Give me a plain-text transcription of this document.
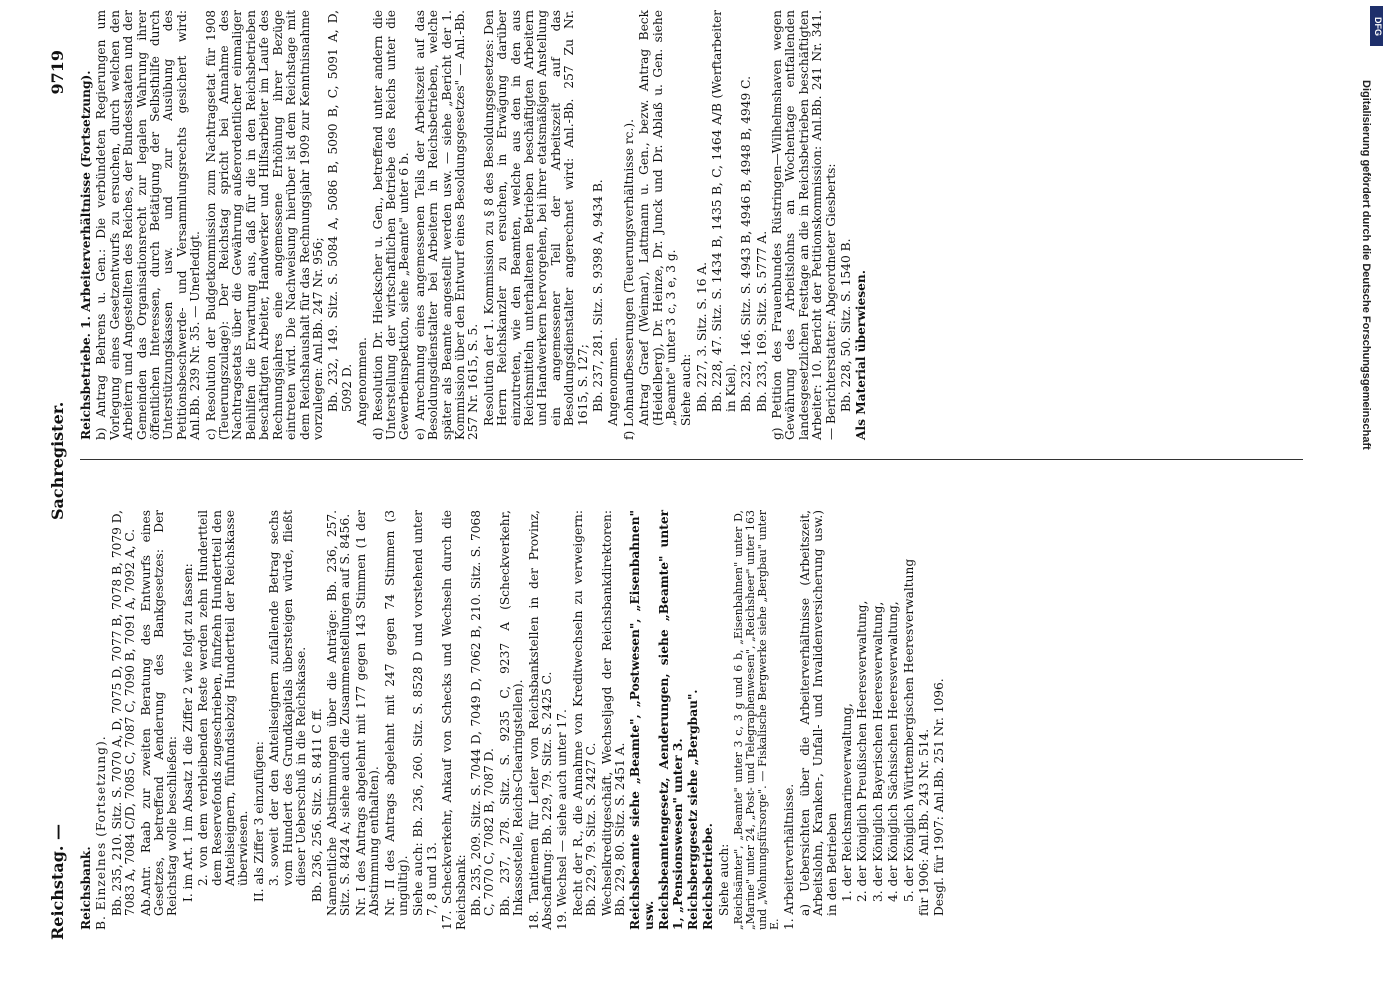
Reichstag. —
Sachregister.
9719

Reichsbank. B. Einzelnes (Fortsetzung). Bb. 235, 210. Sitz. S. 7070 A, D, 7075 D, 7077 B, 7078 B, 7079 D, 7083 A, 7084 C/D, 7085 C, 7087 C, 7090 B, 7091 A, 7092 A, C. Ab.Antr. Raab zur zweiten Beratung des Entwurfs eines Gesetzes, betreffend Aenderung des Bankgesetzes: Der Reichstag wolle beschließen: I. im Art. 1 im Absatz 1 die Ziffer 2 wie folgt zu fassen: 2. von dem verbleibenden Reste werden zehn Hundertteil dem Reservefonds zugeschrieben, fünfzehn Hundertteil den Anteilseignern, fünfundsiebzig Hundertteil der Reichskasse überwiesen. II. als Ziffer 3 einzufügen: 3. soweit der den Anteilseignern zufallende Betrag sechs vom Hundert des Grundkapitals übersteigen würde, fließt dieser Ueberschuß in die Reichskasse. Bb. 236, 256. Sitz. S. 8411 C ff. Namentliche Abstimmungen über die Anträge: Bb. 236, 257. Sitz. S. 8424 A; siehe auch die Zusammenstellungen auf S. 8456. Nr. I des Antrags abgelehnt mit 177 gegen 143 Stimmen (1 der Abstimmung enthalten). Nr. II des Antrags abgelehnt mit 247 gegen 74 Stimmen (3 ungültig). Siehe auch: Bb. 236, 260. Sitz. S. 8528 D und vorstehend unter 7, 8 und 13. 17. Scheckverkehr, Ankauf von Schecks und Wechseln durch die Reichsbank: Bb. 235, 209. Sitz. S. 7044 D, 7049 D, 7062 B, 210. Sitz. S. 7068 C, 7070 C, 7082 B, 7087 D. Bb. 237, 278. Sitz. S. 9235 C, 9237 A (Scheckverkehr, Inkassostelle, Reichs-Clearingstellen). 18. Tantiemen für Leiter von Reichsbankstellen in der Provinz, Abschaffung: Bb. 229, 79. Sitz. S. 2425 C. 19. Wechsel — siehe auch unter 17. Recht der R., die Annahme von Kreditwechseln zu verweigern: Bb. 229, 79. Sitz. S. 2427 C. Wechselkreditgeschäft, Wechseljagd der Reichsbankdirektoren: Bb. 229, 80. Sitz. S. 2451 A. Reichsbeamte siehe „Beamte", „Postwesen", „Eisenbahnen" usw. Reichsbeamtengesetz, Aenderungen, siehe „Beamte" unter 1, „Pensionswesen" unter 3. Reichsberggesetz siehe „Bergbau". Reichsbetriebe. Siehe auch: „Reichsämter", „Beamte" unter 3 c, 3 g und 6 b, „Eisenbahnen" unter D, „Marine" unter 24, „Post- und Telegraphenwesen", „Reichsheer" unter 163 und „Wohnungsfürsorge". — Fiskalische Bergwerke siehe „Bergbau" unter E. 1. Arbeiterverhältnisse. a) Uebersichten über die Arbeiterverhältnisse (Arbeitszeit, Arbeitslohn, Kranken-, Unfall- und Invalidenversicherung usw.) in den Betrieben 1. der Reichsmarineverwaltung, 2. der Königlich Preußischen Heeresverwaltung, 3. der Königlich Bayerischen Heeresverwaltung, 4. der Königlich Sächsischen Heeresverwaltung, 5. der Königlich Württembergischen Heeresverwaltung für 1906: Anl.Bb. 243 Nr. 514. Desgl. für 1907: Anl.Bb. 251 Nr. 1096.

Reichsbetriebe. 1. Arbeiterverhältnisse (Fortsetzung). b) Antrag Behrens u. Gen.: Die verbündeten Regierungen um Vorlegung eines Gesetzentwurfs zu ersuchen, durch welchen den Arbeitern und Angestellten des Reiches, der Bundesstaaten und der Gemeinden das Organisationsrecht zur legalen Wahrung ihrer öffentlichen Interessen, durch Betätigung der Selbsthilfe durch Unterstützungskassen usw. und zur Ausübung des Petitionsbeschwerde- und Versammlungsrechts gesichert wird: Anl.Bb. 239 Nr. 35. — Unerledigt. c) Resolution der Budgetkommission zum Nachtragsetat für 1908 (Teuerungszulage): Der Reichstag spricht bei Annahme des Nachtragsetats über die Gewährung außerordentlicher einmaliger Beihilfen die Erwartung aus, daß für die in den Reichsbetrieben beschäftigten Arbeiter, Handwerker und Hilfsarbeiter im Laufe des Rechnungsjahres eine angemessene Erhöhung ihrer Bezüge eintreten wird. Die Nachweisung hierüber ist dem Reichstage mit dem Reichshaushalt für das Rechnungsjahr 1909 zur Kenntnisnahme vorzulegen: Anl.Bb. 247 Nr. 956; Bb. 232, 149. Sitz. S. 5084 A, 5086 B, 5090 B, C, 5091 A, D, 5092 D. Angenommen. d) Resolution Dr. Hieckscher u. Gen., betreffend unter andern die Unterstellung der wirtschaftlichen Betriebe des Reichs unter die Gewerbeinspektion, siehe „Beamte" unter 6 b. e) Anrechnung eines angemessenen Teils der Arbeitszeit auf das Besoldungsdienstalter bei Arbeitern in Reichsbetrieben, welche später als Beamte angestellt werden usw. — siehe „Bericht der 1. Kommission über den Entwurf eines Besoldungsgesetzes" — Anl.-Bb. 257 Nr. 1615, S. 5. Resolution der 1. Kommission zu § 8 des Besoldungsgesetzes: Den Herrn Reichskanzler zu ersuchen, in Erwägung darüber einzutreten, wie den Beamten, welche aus den in den aus Reichsmitteln unterhaltenen Betrieben beschäftigten Arbeitern und Handwerkern hervorgehen, bei ihrer etatsmäßigen Anstellung ein angemessener Teil der Arbeitszeit auf das Besoldungsdienstalter angerechnet wird: Anl.-Bb. 257 Zu Nr. 1615, S. 127; Bb. 237, 281. Sitz. S. 9398 A, 9434 B. Angenommen. f) Lohnaufbesserungen (Teuerungsverhältnisse rc.). Antrag Graef (Weimar), Lattmann u. Gen., bezw. Antrag Beck (Heidelberg), Dr. Heinze, Dr. Junck und Dr. Ablaß u. Gen. siehe „Beamte" unter 3 c, 3 e, 3 g. Siehe auch: Bb. 227, 3. Sitz. S. 16 A. Bb. 228, 47. Sitz. S. 1434 B, 1435 B, C, 1464 A/B (Werftarbeiter in Kiel). Bb. 232, 146. Sitz. S. 4943 B, 4946 B, 4948 B, 4949 C. Bb. 233, 169. Sitz. S. 5777 A. g) Petition des Frauenbundes Rüstringen—Wilhelmshaven wegen Gewährung des Arbeitslohns an Wochentage entfallenden landesgesetzlichen Festtage an die in Reichsbetrieben beschäftigten Arbeiter: 10. Bericht der Petitionskommission: Anl.Bb. 241 Nr. 341. — Berichterstatter: Abgeordneter Giesberts: Bb. 228, 50. Sitz. S. 1540 B. Als Material überwiesen.	Digitalisierung gefördert durch die Deutsche Forschungsgemeinschaft
DFG
